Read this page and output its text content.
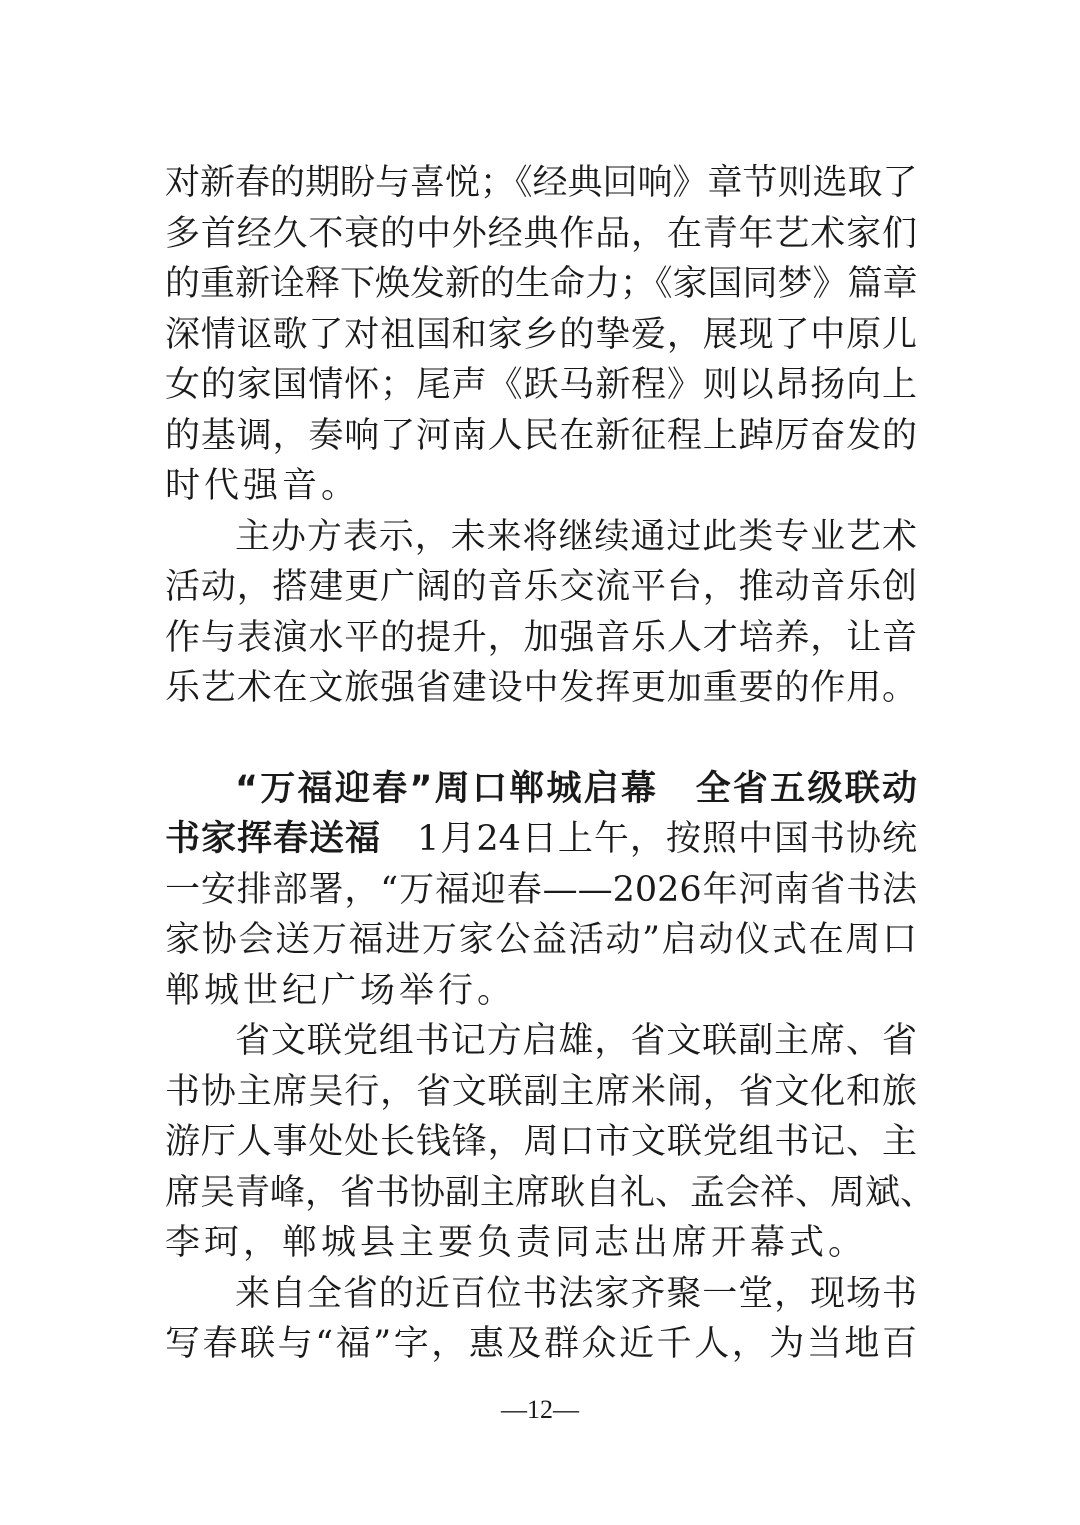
对新春的期盼与喜悦；《经典回响》章节则选取了
多首经久不衰的中外经典作品，在青年艺术家们
的重新诠释下焕发新的生命力；《家国同梦》篇章
深情讴歌了对祖国和家乡的挚爱，展现了中原儿
女的家国情怀；尾声《跃马新程》则以昂扬向上
的基调，奏响了河南人民在新征程上踔厉奋发的
时代强音。
主办方表示，未来将继续通过此类专业艺术
活动，搭建更广阔的音乐交流平台，推动音乐创
作与表演水平的提升，加强音乐人才培养，让音
乐艺术在文旅强省建设中发挥更加重要的作用。
“万福迎春”周口郸城启幕　全省五级联动
书家挥春送福　 1月24日上午，按照中国书协统
一安排部署，“万福迎春——2026年河南省书法
家协会送万福进万家公益活动”启动仪式在周口
郸城世纪广场举行。
省文联党组书记方启雄，省文联副主席、省
书协主席吴行，省文联副主席米闹，省文化和旅
游厅人事处处长钱锋，周口市文联党组书记、主
席吴青峰，省书协副主席耿自礼、孟会祥、周斌、
李珂，郸城县主要负责同志出席开幕式。
来自全省的近百位书法家齐聚一堂，现场书
写春联与“福”字，惠及群众近千人，为当地百
—12—
